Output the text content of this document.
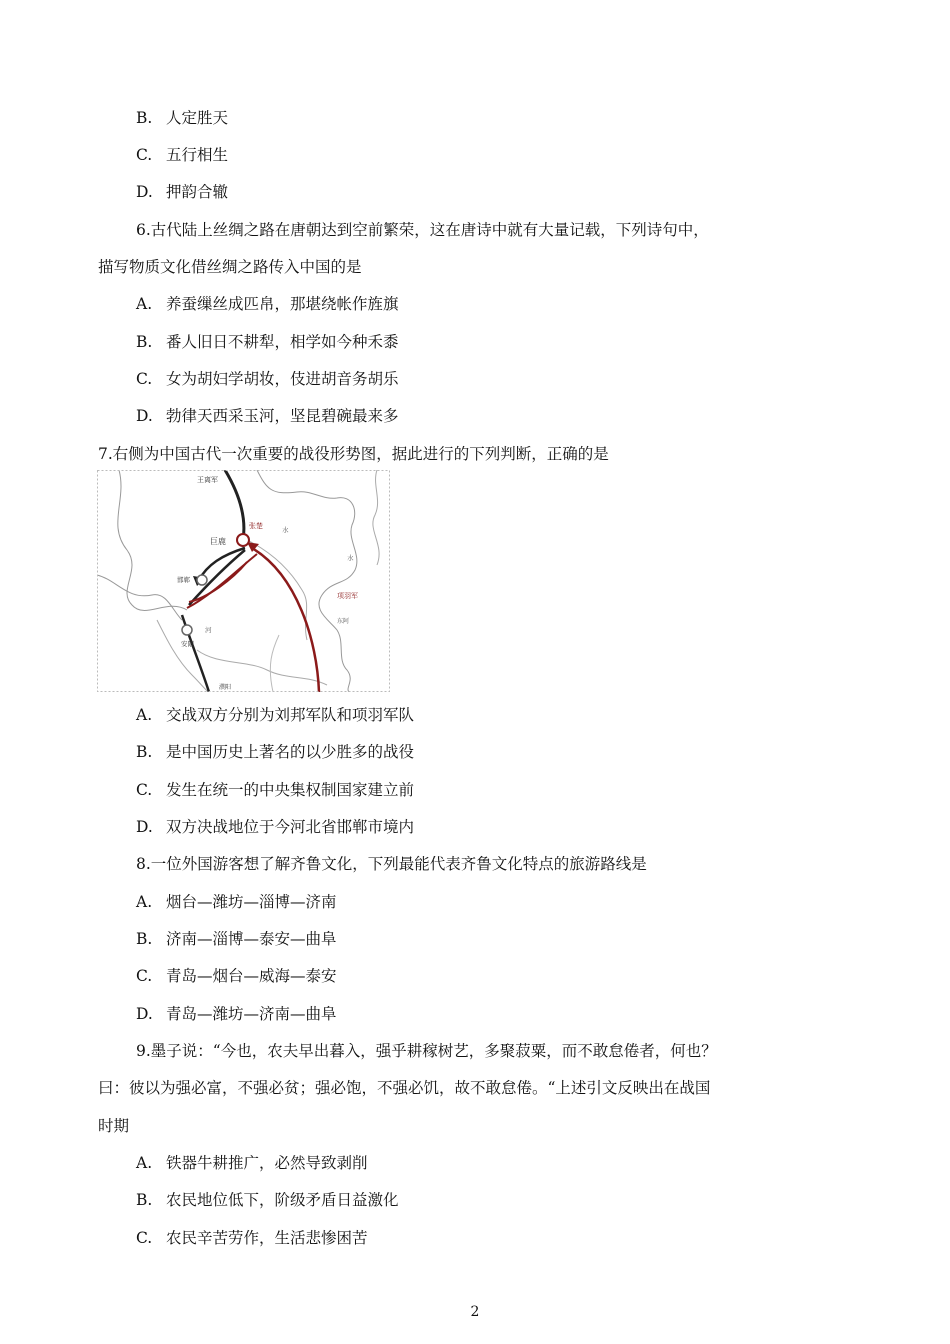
B. 人定胜天
C. 五行相生
D. 押韵合辙
6.古代陆上丝绸之路在唐朝达到空前繁荣，这在唐诗中就有大量记载，下列诗句中，
描写物质文化借丝绸之路传入中国的是
A. 养蚕缫丝成匹帛，那堪绕帐作旌旗
B. 番人旧日不耕犁，相学如今种禾黍
C. 女为胡妇学胡妆，伎进胡音务胡乐
D. 勃律天西采玉河，坚昆碧碗最来多
7.右侧为中国古代一次重要的战役形势图，据此进行的下列判断，正确的是
王离军
张楚
巨鹿
邯郸
项羽军
水
水
安阳
东阿
河
濮阳
A. 交战双方分别为刘邦军队和项羽军队
B. 是中国历史上著名的以少胜多的战役
C. 发生在统一的中央集权制国家建立前
D. 双方决战地位于今河北省邯郸市境内
8.一位外国游客想了解齐鲁文化，下列最能代表齐鲁文化特点的旅游路线是
A. 烟台—潍坊—淄博—济南
B. 济南—淄博—泰安—曲阜
C. 青岛—烟台—威海—泰安
D. 青岛—潍坊—济南—曲阜
9.墨子说：“今也，农夫早出暮入，强乎耕稼树艺，多聚菽粟，而不敢怠倦者，何也？
曰：彼以为强必富，不强必贫；强必饱，不强必饥，故不敢怠倦。“上述引文反映出在战国
时期
A. 铁器牛耕推广，必然导致剥削
B. 农民地位低下，阶级矛盾日益激化
C. 农民辛苦劳作，生活悲惨困苦
2
